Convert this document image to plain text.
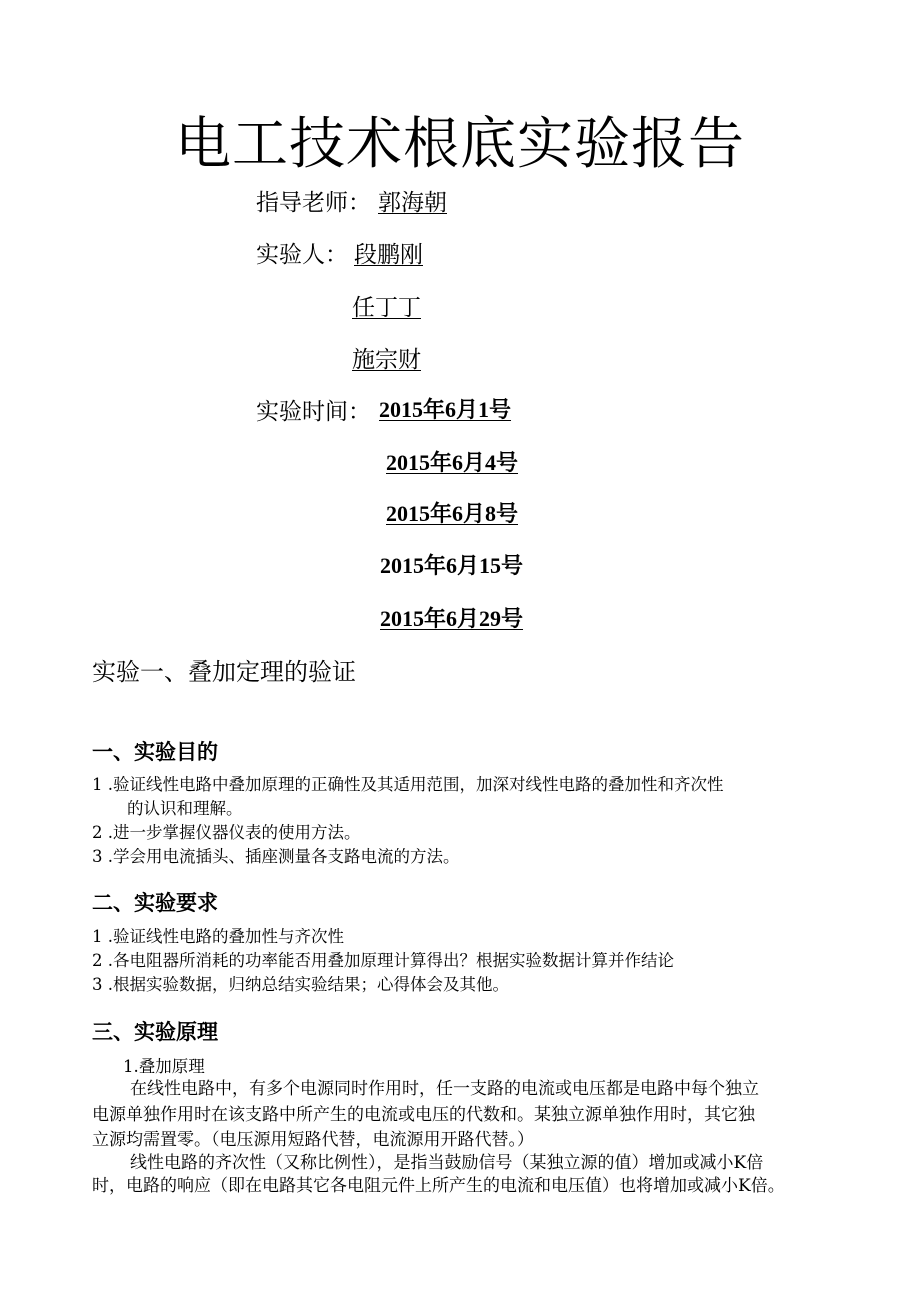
电工技术根底实验报告
指导老师： 郭海朝
实验人： 段鹏刚
任丁丁
施宗财
实验时间： 2015年6月1号
2015年6月4号
2015年6月8号
2015年6月15号
2015年6月29号
实验一、叠加定理的验证
一、实验目的
1 .验证线性电路中叠加原理的正确性及其适用范围，加深对线性电路的叠加性和齐次性
的认识和理解。
2 .进一步掌握仪器仪表的使用方法。
3 .学会用电流插头、插座测量各支路电流的方法。
二、实验要求
1 .验证线性电路的叠加性与齐次性
2 .各电阻器所消耗的功率能否用叠加原理计算得出？根据实验数据计算并作结论
3 .根据实验数据，归纳总结实验结果；心得体会及其他。
三、实验原理
1.叠加原理
在线性电路中，有多个电源同时作用时，任一支路的电流或电压都是电路中每个独立
电源单独作用时在该支路中所产生的电流或电压的代数和。某独立源单独作用时，其它独
立源均需置零。（电压源用短路代替，电流源用开路代替。）
线性电路的齐次性（又称比例性），是指当鼓励信号（某独立源的值）增加或减小K倍
时，电路的响应（即在电路其它各电阻元件上所产生的电流和电压值）也将增加或减小K倍。
